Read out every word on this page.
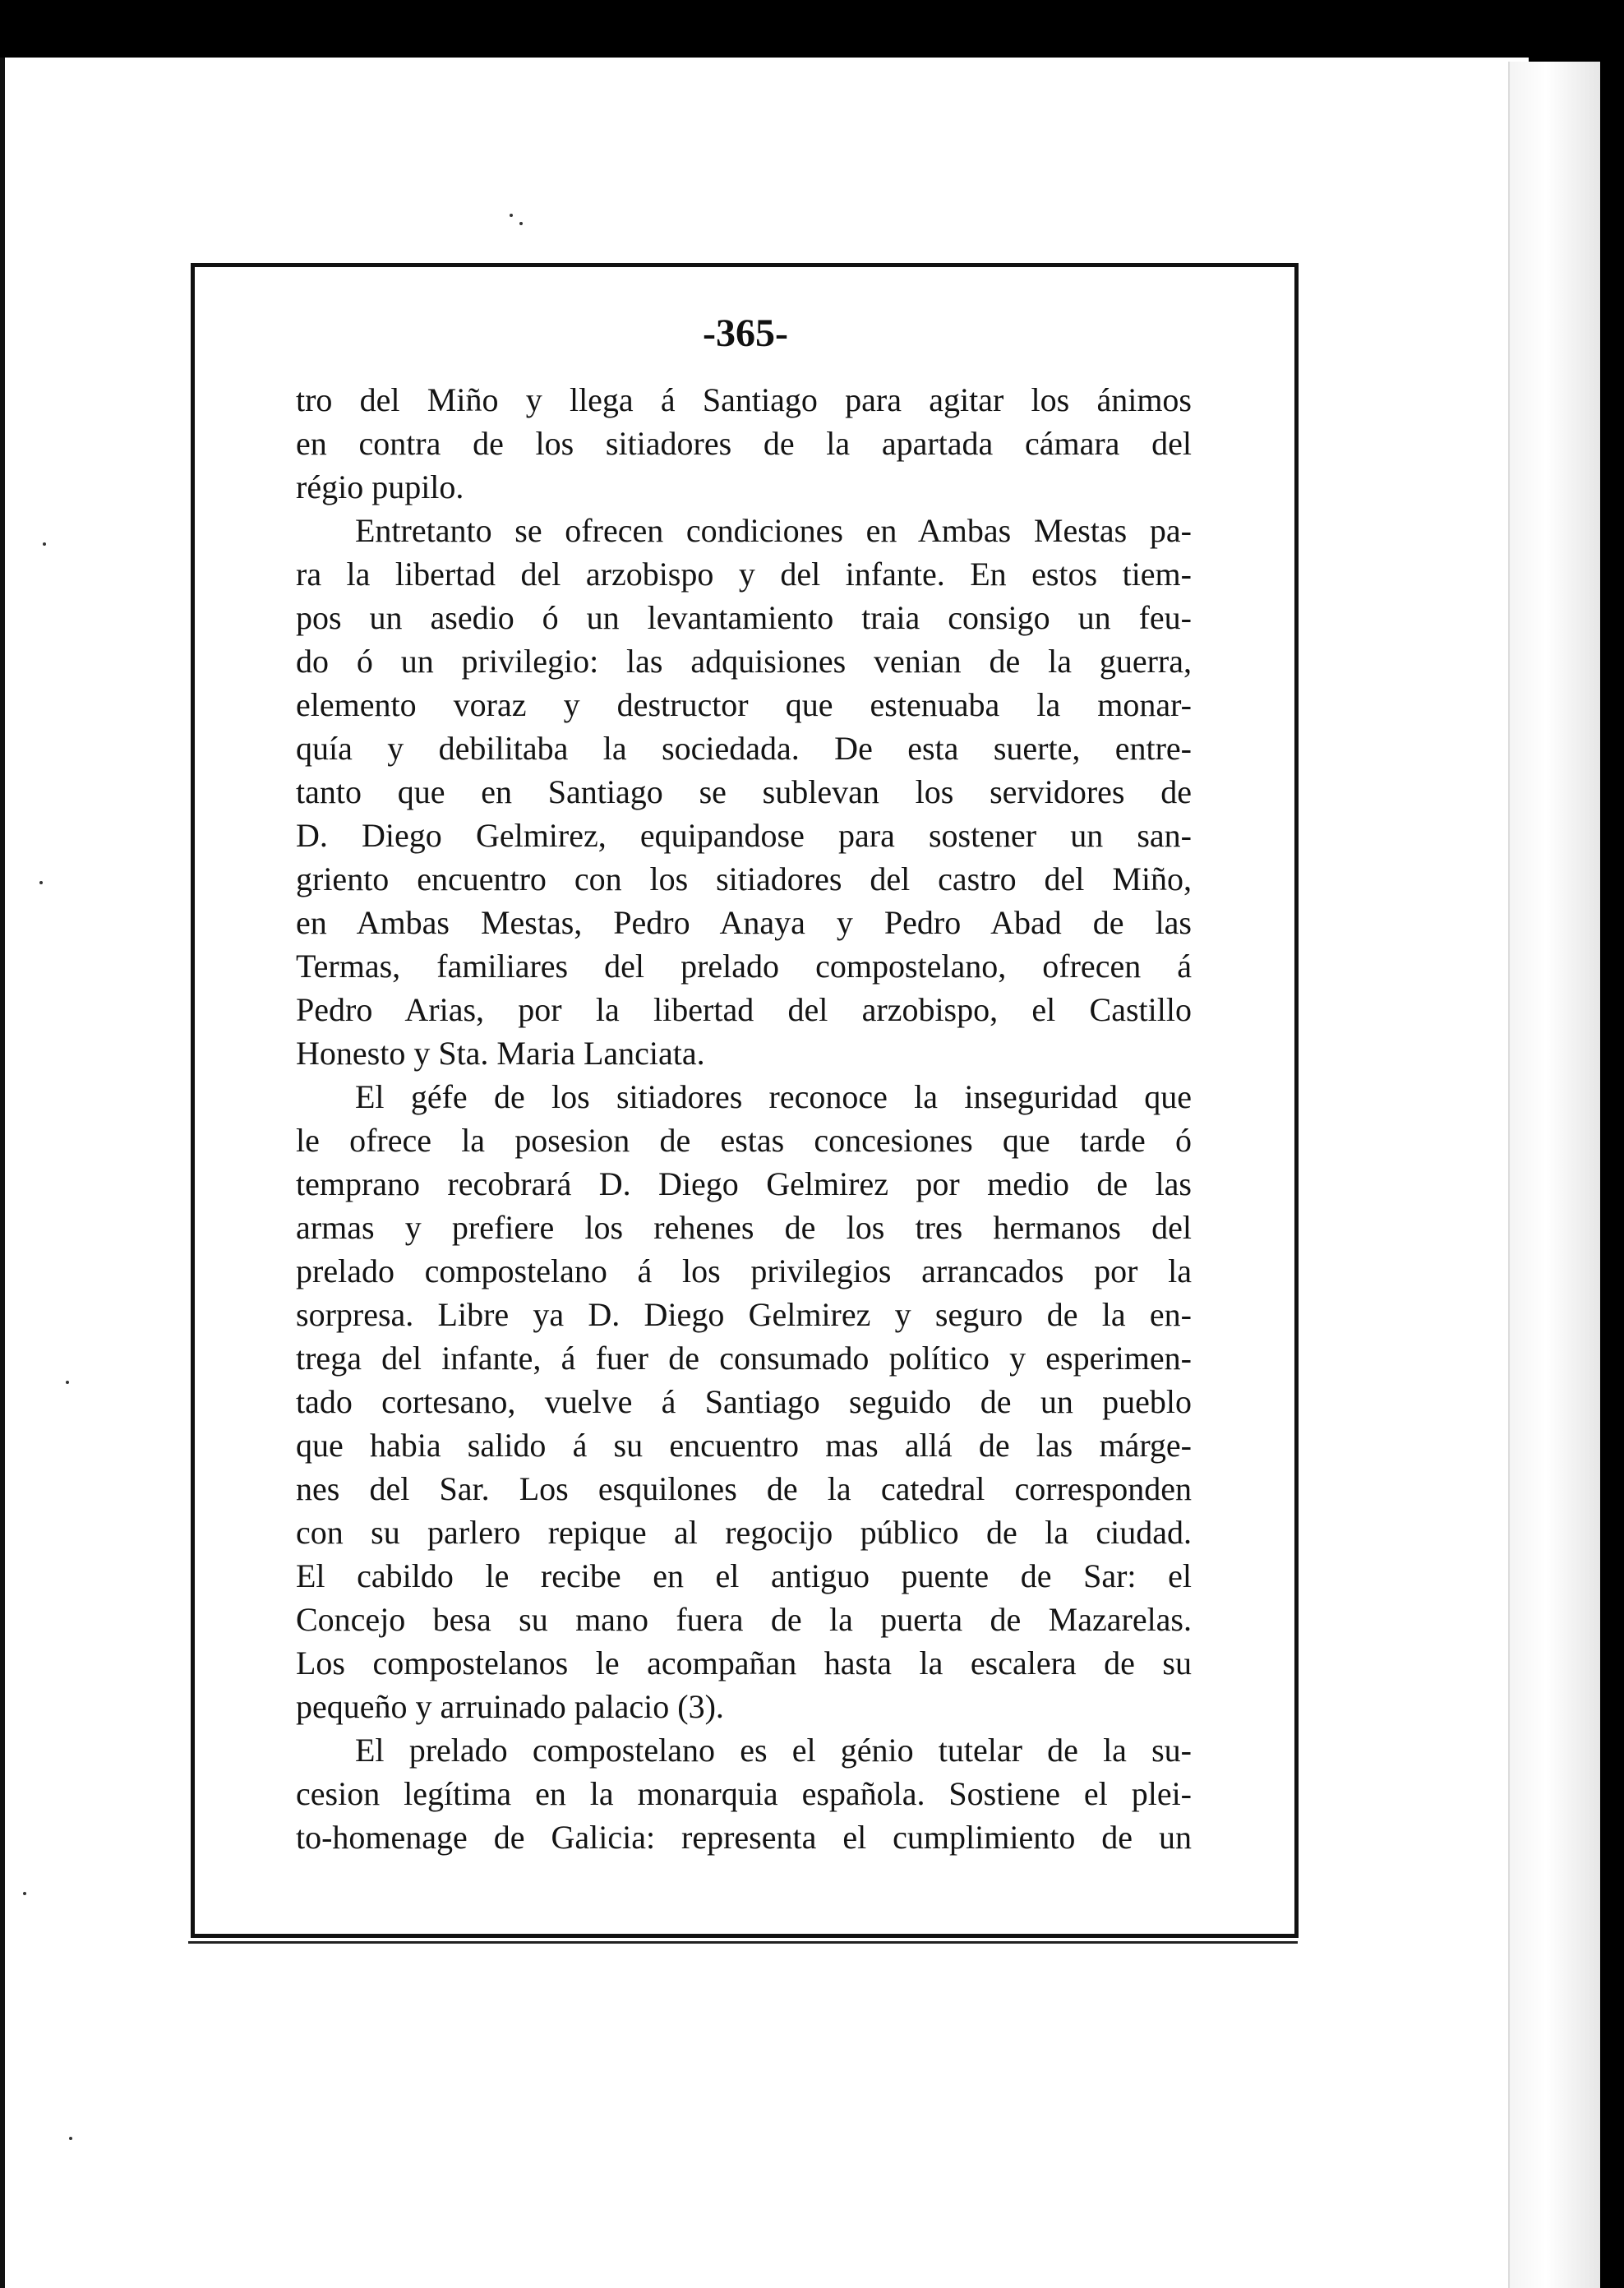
-365-
tro del Miño y llega á Santiago para agitar los ánimos
en contra de los sitiadores de la apartada cámara del
régio pupilo.
Entretanto se ofrecen condiciones en Ambas Mestas pa-
ra la libertad del arzobispo y del infante. En estos tiem-
pos un asedio ó un levantamiento traia consigo un feu-
do ó un privilegio: las adquisiones venian de la guerra,
elemento voraz y destructor que estenuaba la monar-
quía y debilitaba la sociedada. De esta suerte, entre-
tanto que en Santiago se sublevan los servidores de
D. Diego Gelmirez, equipandose para sostener un san-
griento encuentro con los sitiadores del castro del Miño,
en Ambas Mestas, Pedro Anaya y Pedro Abad de las
Termas, familiares del prelado compostelano, ofrecen á
Pedro Arias, por la libertad del arzobispo, el Castillo
Honesto y Sta. Maria Lanciata.
El géfe de los sitiadores reconoce la inseguridad que
le ofrece la posesion de estas concesiones que tarde ó
temprano recobrará D. Diego Gelmirez por medio de las
armas y prefiere los rehenes de los tres hermanos del
prelado compostelano á los privilegios arrancados por la
sorpresa. Libre ya D. Diego Gelmirez y seguro de la en-
trega del infante, á fuer de consumado político y esperimen-
tado cortesano, vuelve á Santiago seguido de un pueblo
que habia salido á su encuentro mas allá de las márge-
nes del Sar. Los esquilones de la catedral corresponden
con su parlero repique al regocijo público de la ciudad.
El cabildo le recibe en el antiguo puente de Sar: el
Concejo besa su mano fuera de la puerta de Mazarelas.
Los compostelanos le acompañan hasta la escalera de su
pequeño y arruinado palacio (3).
El prelado compostelano es el génio tutelar de la su-
cesion legítima en la monarquia española. Sostiene el plei-
to-homenage de Galicia: representa el cumplimiento de un
